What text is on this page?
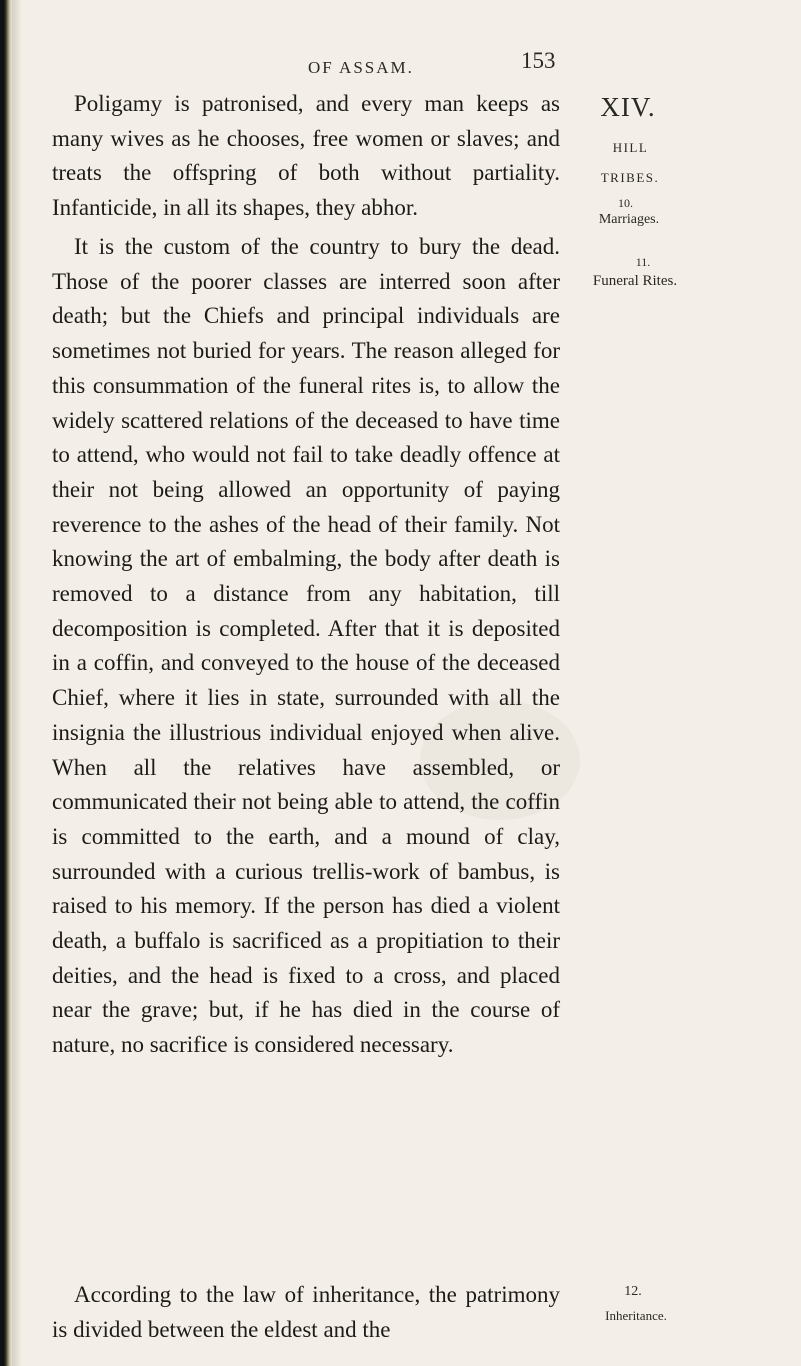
OF ASSAM.	153

Poligamy is patronised, and every man keeps as many wives as he chooses, free women or slaves; and treats the offspring of both without partiality. Infanticide, in all its shapes, they abhor.

It is the custom of the country to bury the dead. Those of the poorer classes are interred soon after death; but the Chiefs and principal individuals are sometimes not buried for years. The reason alleged for this consummation of the funeral rites is, to allow the widely scattered relations of the deceased to have time to attend, who would not fail to take deadly offence at their not being allowed an opportunity of paying reverence to the ashes of the head of their family. Not knowing the art of embalming, the body after death is removed to a distance from any habitation, till decomposition is completed. After that it is deposited in a coffin, and conveyed to the house of the deceased Chief, where it lies in state, surrounded with all the insignia the illustrious individual enjoyed when alive. When all the relatives have assembled, or communicated their not being able to attend, the coffin is committed to the earth, and a mound of clay, surrounded with a curious trellis-work of bambus, is raised to his memory. If the person has died a violent death, a buffalo is sacrificed as a propitiation to their deities, and the head is fixed to a cross, and placed near the grave; but, if he has died in the course of nature, no sacrifice is considered necessary.

According to the law of inheritance, the patrimony is divided between the eldest and the

XIV.
HILL
TRIBES.
10.
Marriages.
11.
Funeral Rites.
12.
Inheritance.
